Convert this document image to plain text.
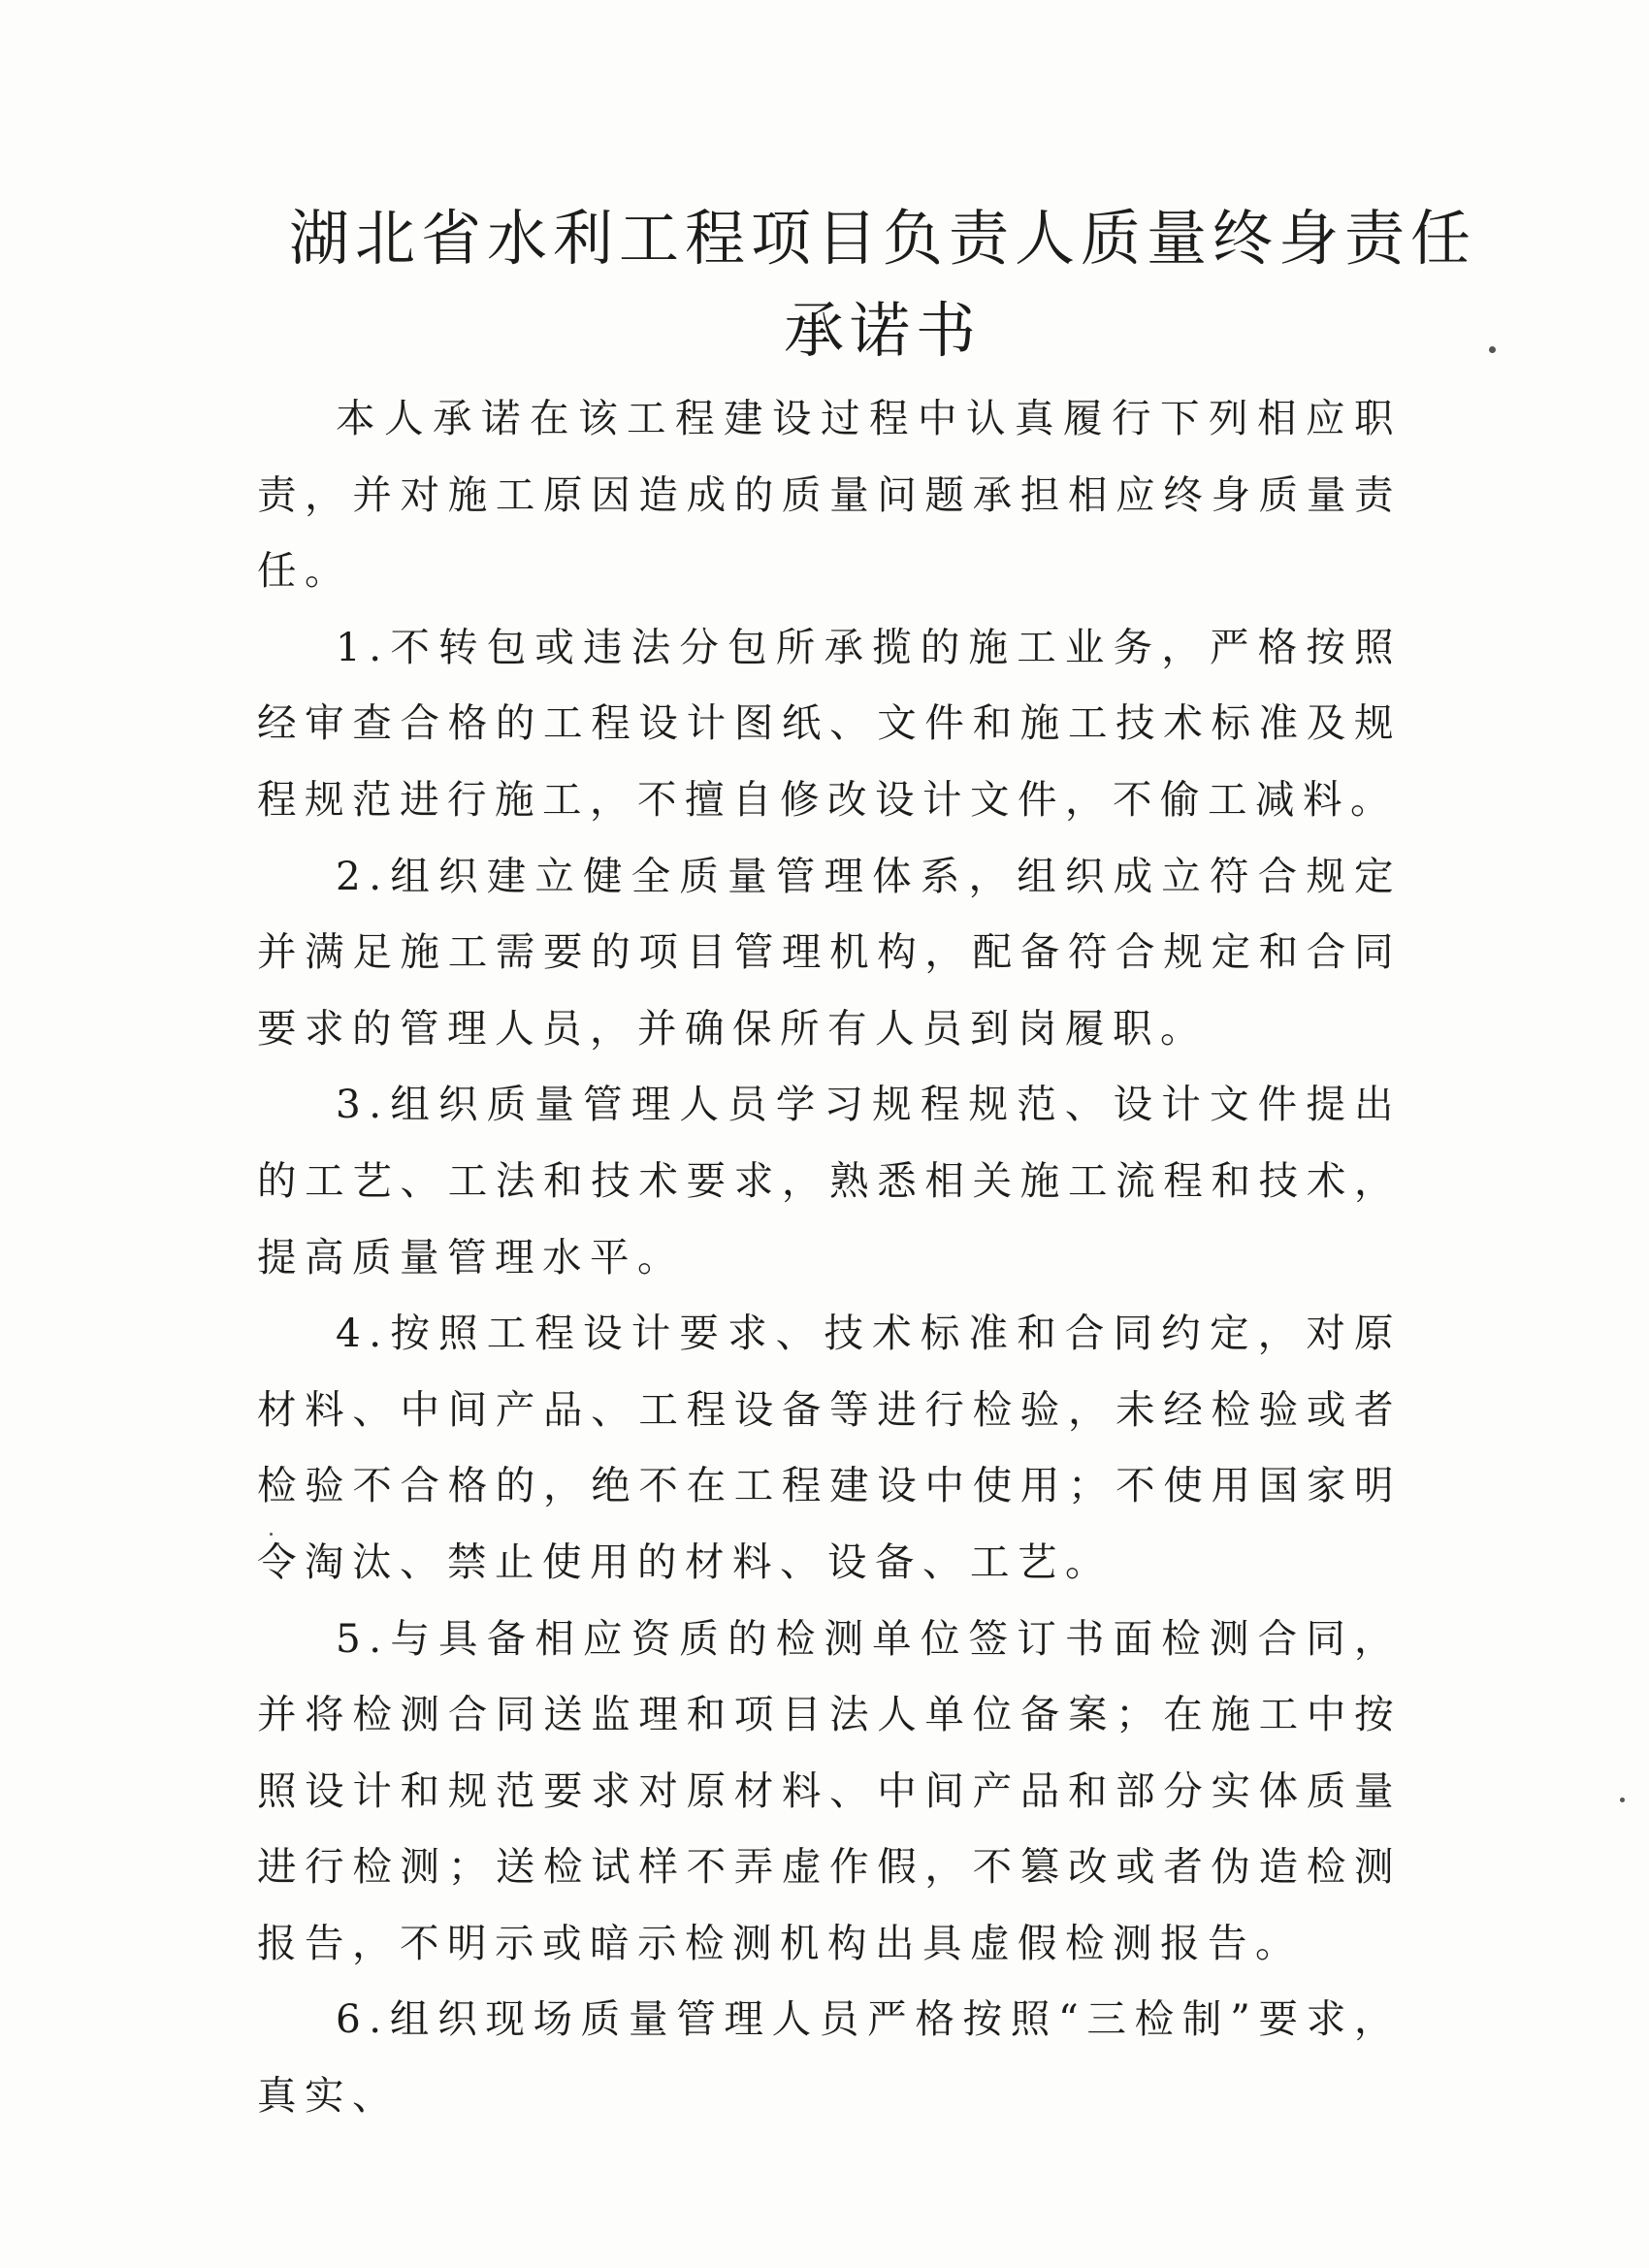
湖北省水利工程项目负责人质量终身责任
承诺书

本人承诺在该工程建设过程中认真履行下列相应职责，并对施工原因造成的质量问题承担相应终身质量责任。

1.不转包或违法分包所承揽的施工业务，严格按照经审查合格的工程设计图纸、文件和施工技术标准及规程规范进行施工，不擅自修改设计文件，不偷工减料。

2.组织建立健全质量管理体系，组织成立符合规定并满足施工需要的项目管理机构，配备符合规定和合同要求的管理人员，并确保所有人员到岗履职。

3.组织质量管理人员学习规程规范、设计文件提出的工艺、工法和技术要求，熟悉相关施工流程和技术，提高质量管理水平。

4.按照工程设计要求、技术标准和合同约定，对原材料、中间产品、工程设备等进行检验，未经检验或者检验不合格的，绝不在工程建设中使用；不使用国家明令淘汰、禁止使用的材料、设备、工艺。

5.与具备相应资质的检测单位签订书面检测合同，并将检测合同送监理和项目法人单位备案；在施工中按照设计和规范要求对原材料、中间产品和部分实体质量进行检测；送检试样不弄虚作假，不篡改或者伪造检测报告，不明示或暗示检测机构出具虚假检测报告。

6.组织现场质量管理人员严格按照“三检制”要求，真实、
